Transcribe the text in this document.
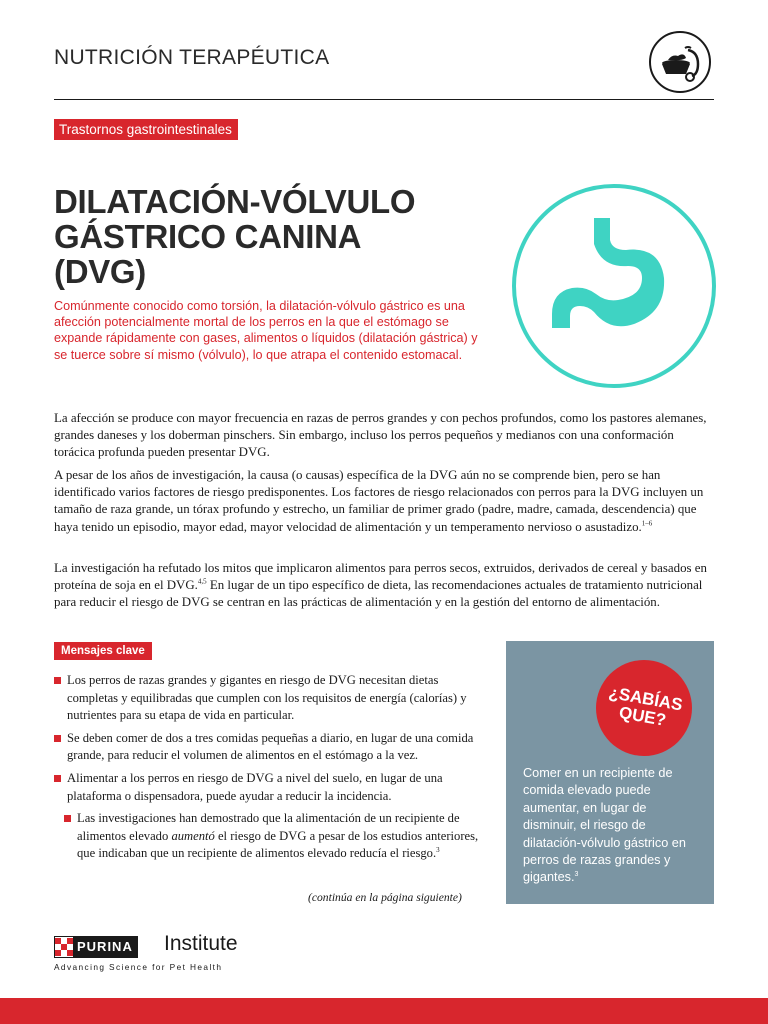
NUTRICIÓN TERAPÉUTICA
Trastornos gastrointestinales
DILATACIÓN-VÓLVULO
GÁSTRICO CANINA
(DVG)

Comúnmente conocido como torsión, la dilatación-vólvulo gástrico es una afección potencialmente mortal de los perros en la que el estómago se expande rápidamente con gases, alimentos o líquidos (dilatación gástrica) y se tuerce sobre sí mismo (vólvulo), lo que atrapa el contenido estomacal.

La afección se produce con mayor frecuencia en razas de perros grandes y con pechos profundos, como los pastores alemanes, grandes daneses y los doberman pinschers. Sin embargo, incluso los perros pequeños y medianos con una conformación torácica profunda pueden presentar DVG.

A pesar de los años de investigación, la causa (o causas) específica de la DVG aún no se comprende bien, pero se han identificado varios factores de riesgo predisponentes. Los factores de riesgo relacionados con perros para la DVG incluyen un tamaño de raza grande, un tórax profundo y estrecho, un familiar de primer grado (padre, madre, camada, descendencia) que haya tenido un episodio, mayor edad, mayor velocidad de alimentación y un temperamento nervioso o asustadizo.$^{1-6}$

La investigación ha refutado los mitos que implicaron alimentos para perros secos, extruidos, derivados de cereal y basados en proteína de soja en el DVG.$^{4,5}$ En lugar de un tipo específico de dieta, las recomendaciones actuales de tratamiento nutricional para reducir el riesgo de DVG se centran en las prácticas de alimentación y en la gestión del entorno de alimentación.

Mensajes clave
Los perros de razas grandes y gigantes en riesgo de DVG necesitan dietas completas y equilibradas que cumplen con los requisitos de energía (calorías) y nutrientes para su etapa de vida en particular.
Se deben comer de dos a tres comidas pequeñas a diario, en lugar de una comida grande, para reducir el volumen de alimentos en el estómago a la vez.
Alimentar a los perros en riesgo de DVG a nivel del suelo, en lugar de una plataforma o dispensadora, puede ayudar a reducir la incidencia.
Las investigaciones han demostrado que la alimentación de un recipiente de alimentos elevado aumentó el riesgo de DVG a pesar de los estudios anteriores, que indicaban que un recipiente de alimentos elevado reducía el riesgo.$^3$
(continúa en la página siguiente)
¿SABÍAS
QUE?

Comer en un recipiente de comida elevado puede aumentar, en lugar de disminuir, el riesgo de dilatación-vólvulo gástrico en perros de razas grandes y gigantes.$^3$

PURINA Institute
Advancing Science for Pet Health
